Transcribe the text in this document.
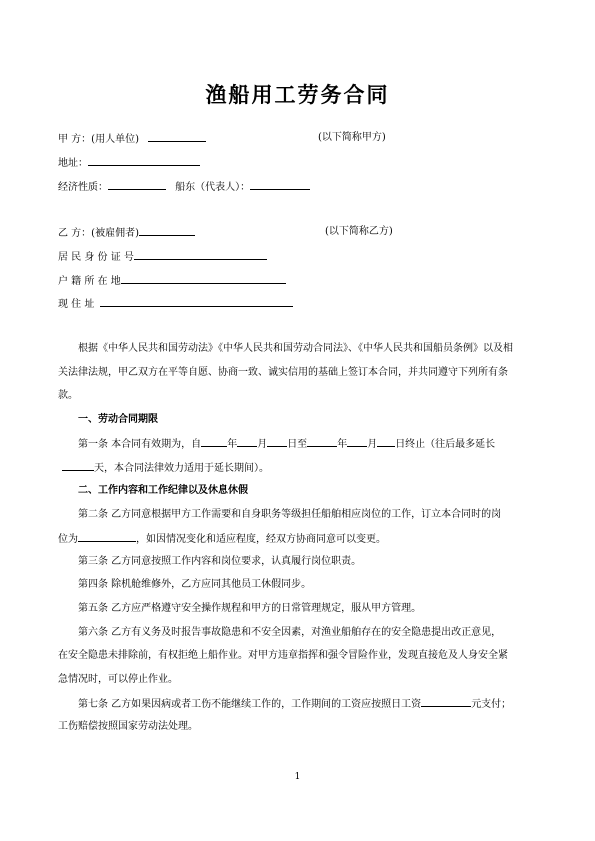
渔船用工劳务合同
甲 方：(用人单位)	(以下简称甲方)
地址：
经济性质：	船东（代表人）：
乙 方：(被雇佣者)	(以下简称乙方)
居 民 身 份 证 号
户 籍 所 在 地
现 住 址
根据《中华人民共和国劳动法》《中华人民共和国劳动合同法》、《中华人民共和国船员条例》以及相
关法律法规，甲乙双方在平等自愿、协商一致、诚实信用的基础上签订本合同，并共同遵守下列所有条
款。
一、劳动合同期限
第一条 本合同有效期为，自	年 月 日至	年 月 日终止（往后最多延长
天，本合同法律效力适用于延长期间）。
二、工作内容和工作纪律以及休息休假
第二条 乙方同意根据甲方工作需要和自身职务等级担任船舶相应岗位的工作，订立本合同时的岗
位为	，如因情况变化和适应程度，经双方协商同意可以变更。
第三条 乙方同意按照工作内容和岗位要求，认真履行岗位职责。
第四条 除机舱维修外，乙方应同其他员工休假同步。
第五条 乙方应严格遵守安全操作规程和甲方的日常管理规定，服从甲方管理。
第六条 乙方有义务及时报告事故隐患和不安全因素，对渔业船舶存在的安全隐患提出改正意见，
在安全隐患未排除前，有权拒绝上船作业。对甲方违章指挥和强令冒险作业，发现直接危及人身安全紧
急情况时，可以停止作业。
第七条 乙方如果因病或者工伤不能继续工作的，工作期间的工资应按照日工资	元支付；
工伤赔偿按照国家劳动法处理。
1
